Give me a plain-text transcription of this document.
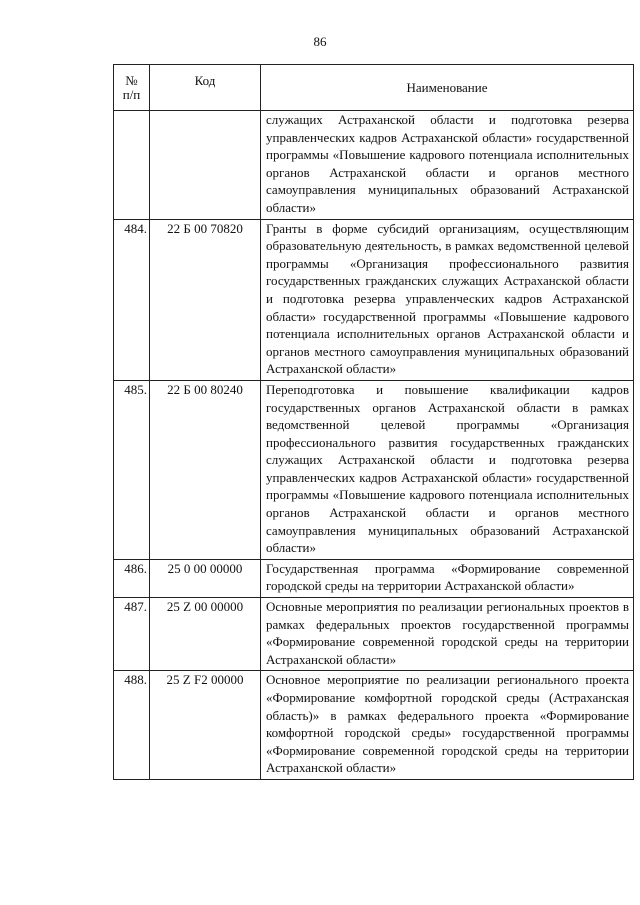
86
№
п/п	Код	Наименование
		служащих Астраханской области и подготовка резерва управленческих кадров Астраханской области» государственной программы «Повышение кадрового потенциала исполнительных органов Астраханской области и органов местного самоуправления муниципальных образований Астраханской области»
484.	22 Б 00 70820	Гранты в форме субсидий организациям, осуществляющим образовательную деятельность, в рамках ведомственной целевой программы «Организация профессионального развития государственных гражданских служащих Астраханской области и подготовка резерва управленческих кадров Астраханской области» государственной программы «Повышение кадрового потенциала исполнительных органов Астраханской области и органов местного самоуправления муниципальных образований Астраханской области»
485.	22 Б 00 80240	Переподготовка и повышение квалификации кадров государственных органов Астраханской области в рамках ведомственной целевой программы «Организация профессионального развития государственных гражданских служащих Астраханской области и подготовка резерва управленческих кадров Астраханской области» государственной программы «Повышение кадрового потенциала исполнительных органов Астраханской области и органов местного самоуправления муниципальных образований Астраханской области»
486.	25 0 00 00000	Государственная программа «Формирование современной городской среды на территории Астраханской области»
487.	25 Z 00 00000	Основные мероприятия по реализации региональных проектов в рамках федеральных проектов государственной программы «Формирование современной городской среды на территории Астраханской области»
488.	25 Z F2 00000	Основное мероприятие по реализации регионального проекта «Формирование комфортной городской среды (Астраханская область)» в рамках федерального проекта «Формирование комфортной городской среды» государственной программы «Формирование современной городской среды на территории Астраханской области»
